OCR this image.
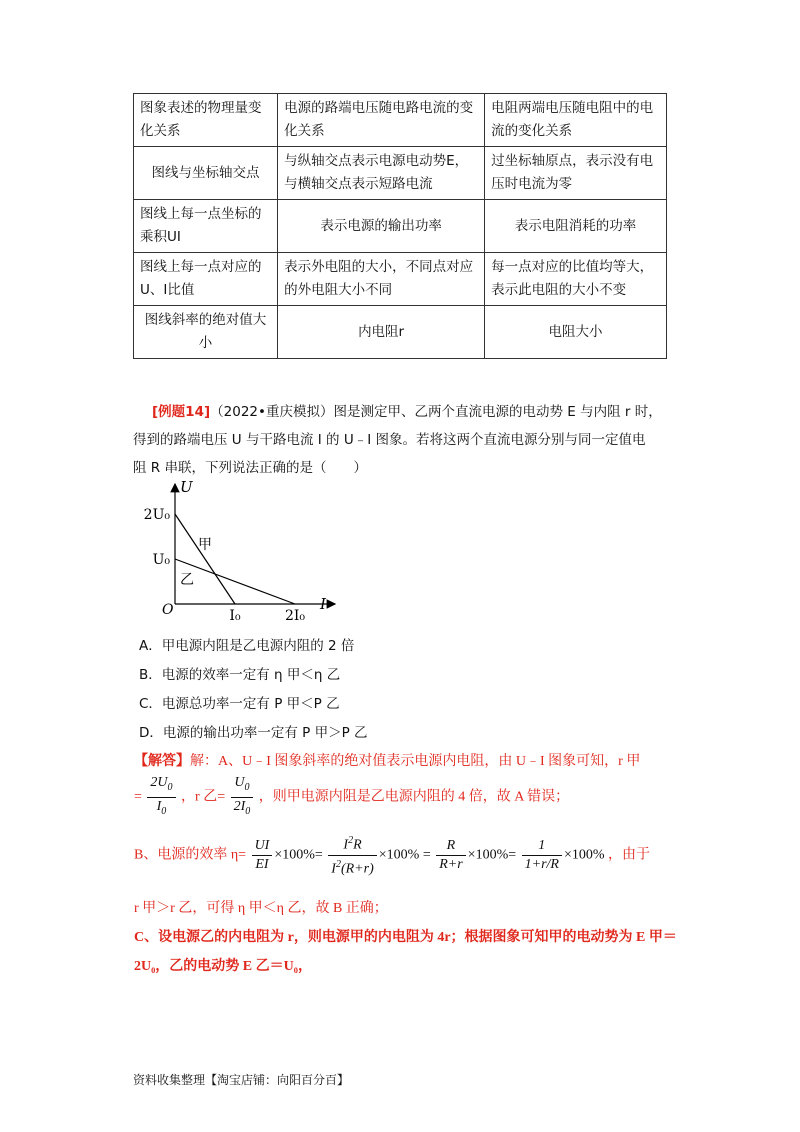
图象表述的物理量变化关系	电源的路端电压随电路电流的变化关系	电阻两端电压随电阻中的电流的变化关系
图线与坐标轴交点	与纵轴交点表示电源电动势E，与横轴交点表示短路电流	过坐标轴原点，表示没有电压时电流为零
图线上每一点坐标的乘积UI	表示电源的输出功率	表示电阻消耗的功率
图线上每一点对应的U、I比值	表示外电阻的大小，不同点对应的外电阻大小不同	每一点对应的比值均等大，表示此电阻的大小不变
图线斜率的绝对值大小	内电阻r	电阻大小
[例题14]（2022•重庆模拟）图是测定甲、乙两个直流电源的电动势 E 与内阻 r 时，
得到的路端电压 U 与干路电流 I 的 U﹣I 图象。若将这两个直流电源分别与同一定值电
阻 R 串联，下列说法正确的是（　　）
U
I
O
2U₀
U₀
I₀	2I₀
甲
乙
A．甲电源内阻是乙电源内阻的 2 倍
B．电源的效率一定有 η 甲＜η 乙
C．电源总功率一定有 P 甲＜P 乙
D．电源的输出功率一定有 P 甲＞P 乙
【解答】解：A、U﹣I 图象斜率的绝对值表示电源内电阻，由 U﹣I 图象可知，r 甲
= $\frac{2U_0}{I_0}$ ，r 乙= $\frac{U_0}{2I_0}$ ，则甲电源内阻是乙电源内阻的 4 倍，故 A 错误；
B、电源的效率 $\eta= \frac{UI}{EI} \times 100\%= \frac{I^2R}{I^2(R+r)} \times 100\% = \frac{R}{R+r} \times 100\%= \frac{1}{1+r/R} \times 100\%$ ，由于
r 甲＞r 乙，可得 η 甲＜η 乙，故 B 正确；
C、设电源乙的内电阻为 r，则电源甲的内电阻为 4r；根据图象可知甲的电动势为 E 甲＝
2U₀，乙的电动势 E 乙＝U₀，
资料收集整理【淘宝店铺：向阳百分百】
